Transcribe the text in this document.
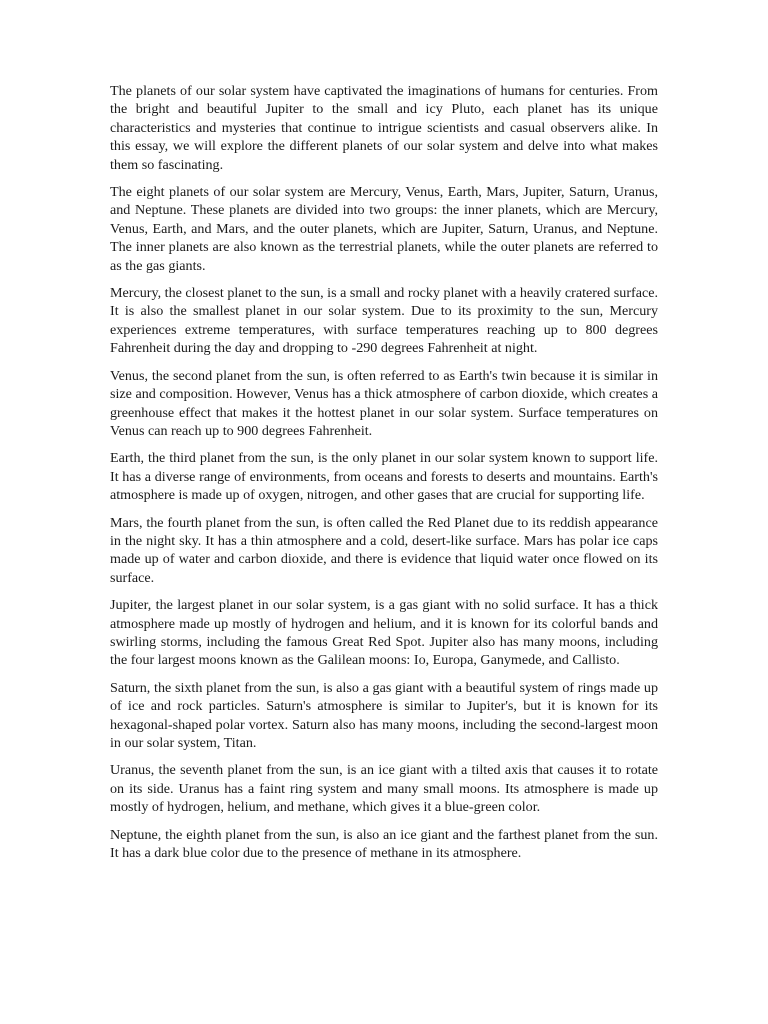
The planets of our solar system have captivated the imaginations of humans for centuries. From the bright and beautiful Jupiter to the small and icy Pluto, each planet has its unique characteristics and mysteries that continue to intrigue scientists and casual observers alike. In this essay, we will explore the different planets of our solar system and delve into what makes them so fascinating.

The eight planets of our solar system are Mercury, Venus, Earth, Mars, Jupiter, Saturn, Uranus, and Neptune. These planets are divided into two groups: the inner planets, which are Mercury, Venus, Earth, and Mars, and the outer planets, which are Jupiter, Saturn, Uranus, and Neptune. The inner planets are also known as the terrestrial planets, while the outer planets are referred to as the gas giants.

Mercury, the closest planet to the sun, is a small and rocky planet with a heavily cratered surface. It is also the smallest planet in our solar system. Due to its proximity to the sun, Mercury experiences extreme temperatures, with surface temperatures reaching up to 800 degrees Fahrenheit during the day and dropping to -290 degrees Fahrenheit at night.

Venus, the second planet from the sun, is often referred to as Earth's twin because it is similar in size and composition. However, Venus has a thick atmosphere of carbon dioxide, which creates a greenhouse effect that makes it the hottest planet in our solar system. Surface temperatures on Venus can reach up to 900 degrees Fahrenheit.

Earth, the third planet from the sun, is the only planet in our solar system known to support life. It has a diverse range of environments, from oceans and forests to deserts and mountains. Earth's atmosphere is made up of oxygen, nitrogen, and other gases that are crucial for supporting life.

Mars, the fourth planet from the sun, is often called the Red Planet due to its reddish appearance in the night sky. It has a thin atmosphere and a cold, desert-like surface. Mars has polar ice caps made up of water and carbon dioxide, and there is evidence that liquid water once flowed on its surface.

Jupiter, the largest planet in our solar system, is a gas giant with no solid surface. It has a thick atmosphere made up mostly of hydrogen and helium, and it is known for its colorful bands and swirling storms, including the famous Great Red Spot. Jupiter also has many moons, including the four largest moons known as the Galilean moons: Io, Europa, Ganymede, and Callisto.

Saturn, the sixth planet from the sun, is also a gas giant with a beautiful system of rings made up of ice and rock particles. Saturn's atmosphere is similar to Jupiter's, but it is known for its hexagonal-shaped polar vortex. Saturn also has many moons, including the second-largest moon in our solar system, Titan.

Uranus, the seventh planet from the sun, is an ice giant with a tilted axis that causes it to rotate on its side. Uranus has a faint ring system and many small moons. Its atmosphere is made up mostly of hydrogen, helium, and methane, which gives it a blue-green color.

Neptune, the eighth planet from the sun, is also an ice giant and the farthest planet from the sun. It has a dark blue color due to the presence of methane in its atmosphere.
